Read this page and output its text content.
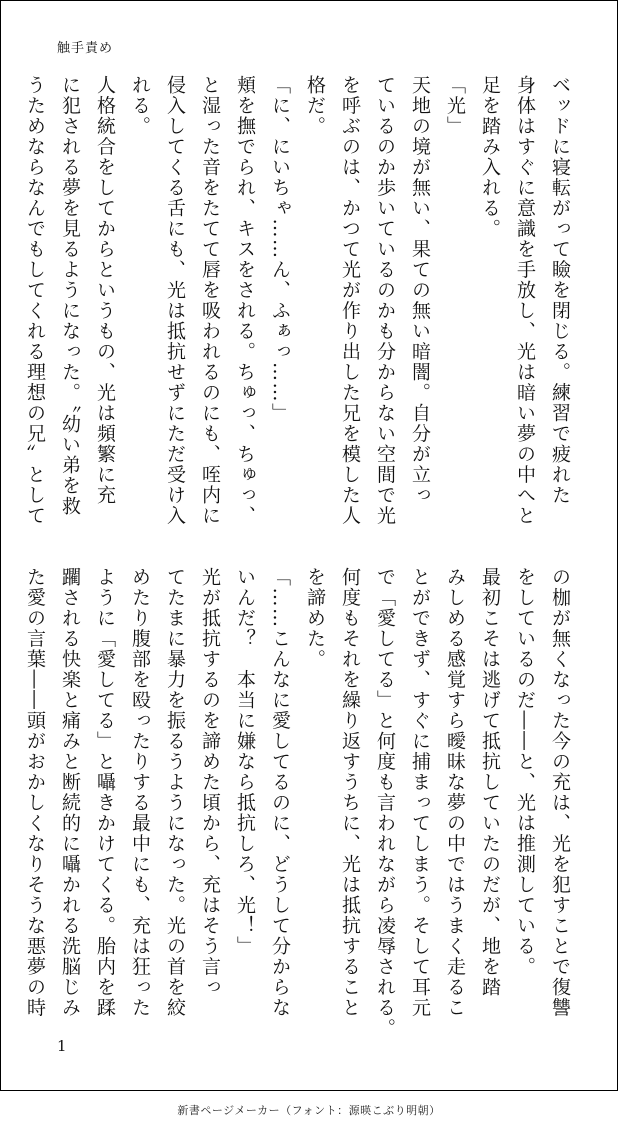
触手責め
ベッドに寝転がって瞼を閉じる。練習で疲れた
身体はすぐに意識を手放し、光は暗い夢の中へと
足を踏み入れる。
「光」
天地の境が無い、果ての無い暗闇。自分が立っ
ているのか歩いているのかも分からない空間で光
を呼ぶのは、かつて光が作り出した兄を模した人
格だ。
「に、にいちゃ……ん、ふぁっ……」
頬を撫でられ、キスをされる。ちゅっ、ちゅっ、
と湿った音をたてて唇を吸われるのにも、咥内に
侵入してくる舌にも、光は抵抗せずにただ受け入
れる。
人格統合をしてからというもの、光は頻繁に充
に犯される夢を見るようになった。〝幼い弟を救
うためならなんでもしてくれる理想の兄〟として
の枷が無くなった今の充は、光を犯すことで復讐
をしているのだ――と、光は推測している。
最初こそは逃げて抵抗していたのだが、地を踏
みしめる感覚すら曖昧な夢の中ではうまく走るこ
とができず、すぐに捕まってしまう。そして耳元
で「愛してる」と何度も言われながら凌辱される。
何度もそれを繰り返すうちに、光は抵抗すること
を諦めた。
「……こんなに愛してるのに、どうして分からな
いんだ？　本当に嫌なら抵抗しろ、光！」
光が抵抗するのを諦めた頃から、充はそう言っ
てたまに暴力を振るうようになった。光の首を絞
めたり腹部を殴ったりする最中にも、充は狂った
ように「愛してる」と囁きかけてくる。胎内を蹂
躙される快楽と痛みと断続的に囁かれる洗脳じみ
た愛の言葉――頭がおかしくなりそうな悪夢の時
1
新書ページメーカー（フォント：源暎こぶり明朝）
